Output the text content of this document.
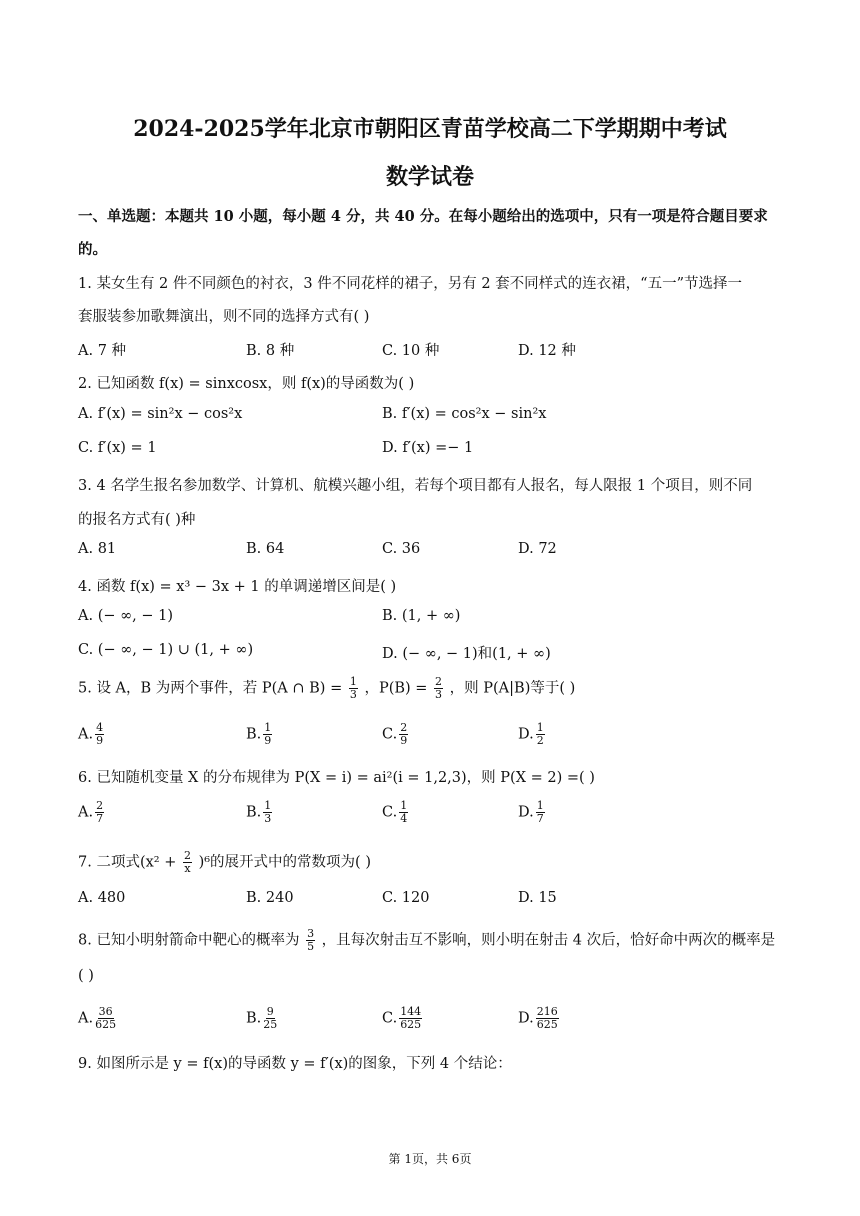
2024-2025学年北京市朝阳区青苗学校高二下学期期中考试
数学试卷
一、单选题：本题共 10 小题，每小题 4 分，共 40 分。在每小题给出的选项中，只有一项是符合题目要求
的。
1. 某女生有 2 件不同颜色的衬衣，3 件不同花样的裙子，另有 2 套不同样式的连衣裙，“五一”节选择一
套服装参加歌舞演出，则不同的选择方式有( )
A. 7 种	B. 8 种	C. 10 种	D. 12 种
2. 已知函数 f(x) = sinxcosx，则 f(x)的导函数为( )
A. f′(x) = sin²x − cos²x	B. f′(x) = cos²x − sin²x
C. f′(x) = 1	D. f′(x) =− 1
3. 4 名学生报名参加数学、计算机、航模兴趣小组，若每个项目都有人报名，每人限报 1 个项目，则不同
的报名方式有( )种
A. 81	B. 64	C. 36	D. 72
4. 函数 f(x) = x³ − 3x + 1 的单调递增区间是( )
A. (− ∞, − 1)	B. (1, + ∞)
C. (− ∞, − 1) ∪ (1, + ∞)	D. (− ∞, − 1)和(1, + ∞)
5. 设 A，B 为两个事件，若 P(A ∩ $B) = \frac{1}{3}$ ，$P(B) = \frac{2}{3}$ ，则 P(A|B)等于( )
A. $\frac{4}{9}$	B. $\frac{1}{9}$	C. $\frac{2}{9}$	D. $\frac{1}{2}$
6. 已知随机变量 X 的分布规律为 P(X = i) = ai²(i = 1,2,3)，则 P(X = 2) =( )
A. $\frac{2}{7}$	B. $\frac{1}{3}$	C. $\frac{1}{4}$	D. $\frac{1}{7}$
7. 二项式$(x^2 + \frac{2}{x} )^6$的展开式中的常数项为( )
A. 480	B. 240	C. 120	D. 15
8. 已知小明射箭命中靶心的概率为 $\frac{3}{5}$ ，且每次射击互不影响，则小明在射击 4 次后，恰好命中两次的概率是
( )
A. $\frac{36}{625}$	B. $\frac{9}{25}$	C. $\frac{144}{625}$	D. $\frac{216}{625}$
9. 如图所示是 y = f(x)的导函数 y = f′(x)的图象，下列 4 个结论：
第 1页，共 6页
